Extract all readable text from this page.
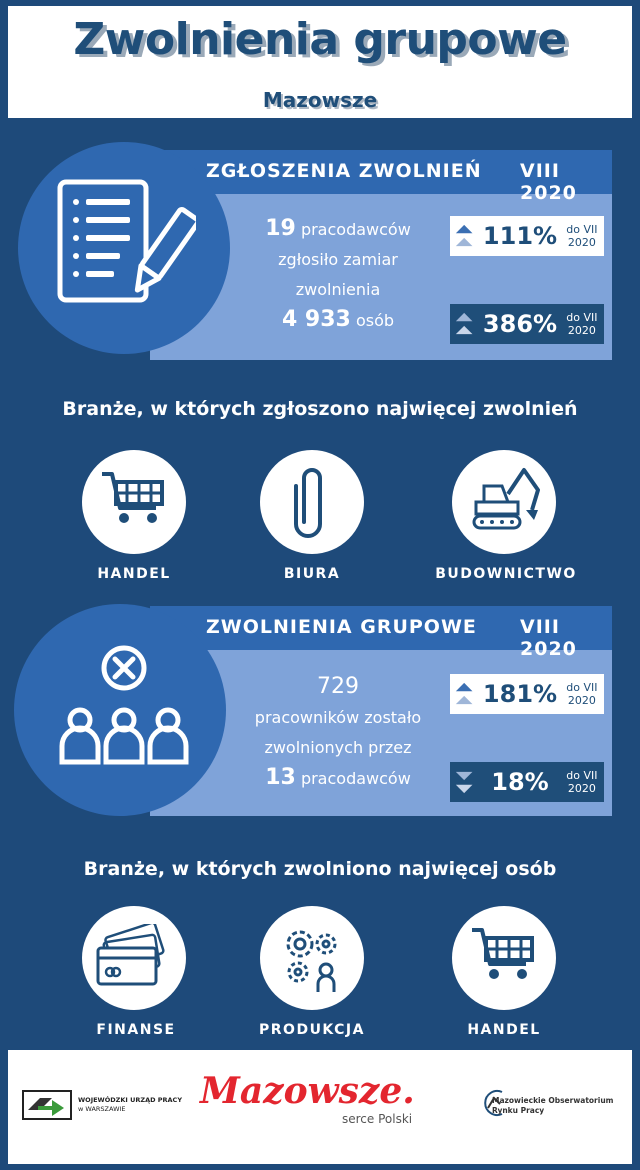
Zwolnienia grupowe
Mazowsze
ZGŁOSZENIA ZWOLNIEŃ VIII 2020
19 pracodawców
zgłosiło zamiar
zwolnienia
4 933 osób
111% do VII
2020
386% do VII
2020
Branże, w których zgłoszono najwięcej zwolnień
HANDEL	BIURA	BUDOWNICTWO
ZWOLNIENIA GRUPOWE VIII 2020
729
pracowników zostało
zwolnionych przez
13 pracodawców
181% do VII
2020
18%	do VII
2020
Branże, w których zwolniono najwięcej osób
FINANSE	PRODUKCJA	HANDEL
WOJEWÓDZKI URZĄD PRACY
w WARSZAWIE	Mazowsze.
serce Polski
Mazowieckie Obserwatorium
Rynku Pracy
